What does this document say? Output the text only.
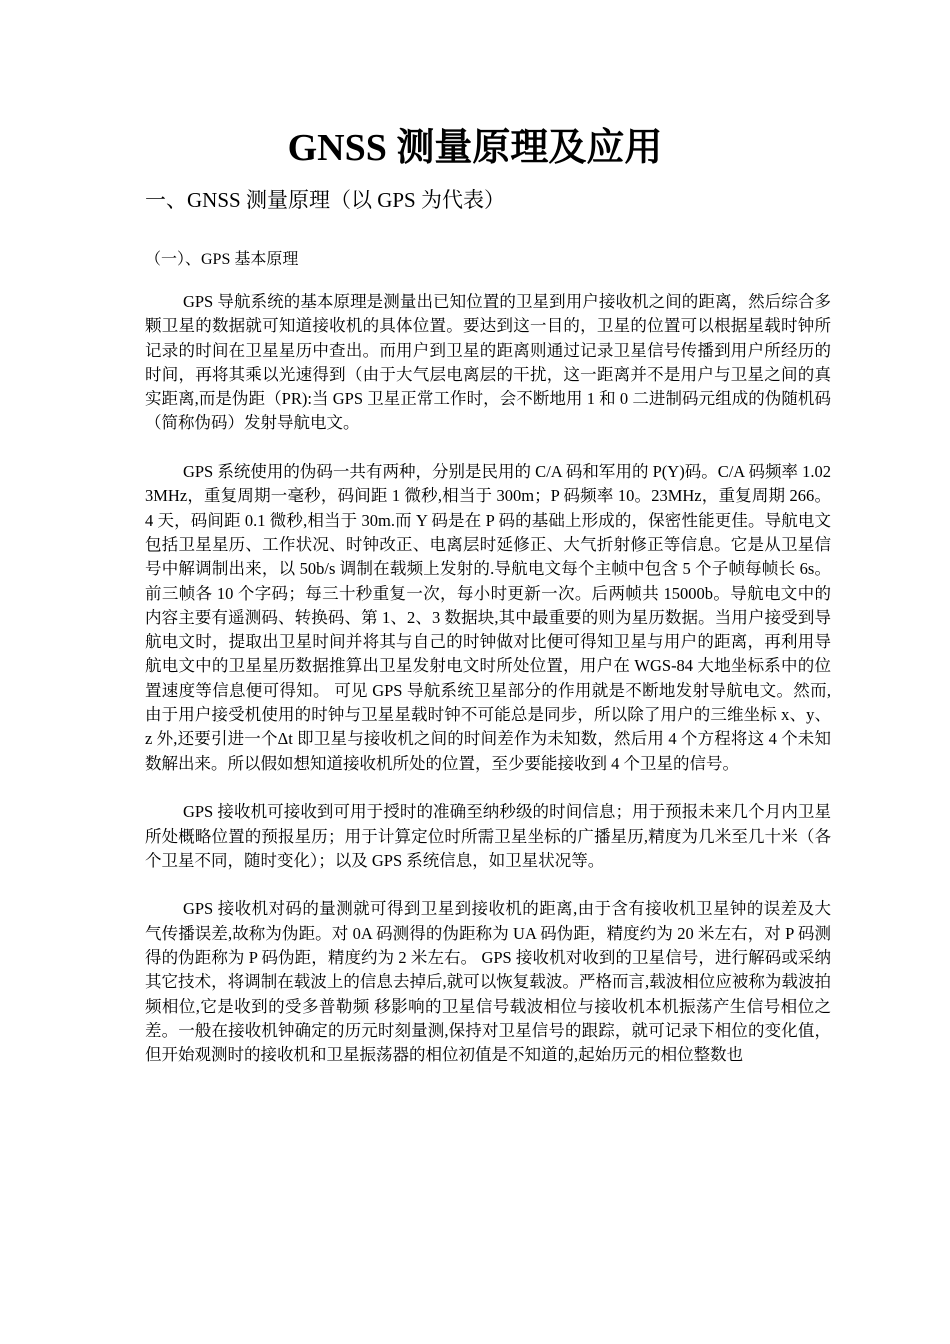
GNSS 测量原理及应用
一、GNSS 测量原理（以 GPS 为代表）
（一）、GPS 基本原理

GPS 导航系统的基本原理是测量出已知位置的卫星到用户接收机之间的距离，然后综合多颗卫星的数据就可知道接收机的具体位置。要达到这一目的，卫星的位置可以根据星载时钟所记录的时间在卫星星历中查出。而用户到卫星的距离则通过记录卫星信号传播到用户所经历的时间，再将其乘以光速得到（由于大气层电离层的干扰，这一距离并不是用户与卫星之间的真实距离,而是伪距（PR):当 GPS 卫星正常工作时，会不断地用 1 和 0 二进制码元组成的伪随机码（简称伪码）发射导航电文。

GPS 系统使用的伪码一共有两种，分别是民用的 C/A 码和军用的 P(Y)码。C/A 码频率 1.023MHz，重复周期一毫秒，码间距 1 微秒,相当于 300m；P 码频率 10。23MHz，重复周期 266。4 天，码间距 0.1 微秒,相当于 30m.而 Y 码是在 P 码的基础上形成的，保密性能更佳。导航电文包括卫星星历、工作状况、时钟改正、电离层时延修正、大气折射修正等信息。它是从卫星信号中解调制出来，以 50b/s 调制在载频上发射的.导航电文每个主帧中包含 5 个子帧每帧长 6s。前三帧各 10 个字码；每三十秒重复一次，每小时更新一次。后两帧共 15000b。导航电文中的内容主要有遥测码、转换码、第 1、2、3 数据块,其中最重要的则为星历数据。当用户接受到导航电文时，提取出卫星时间并将其与自己的时钟做对比便可得知卫星与用户的距离，再利用导航电文中的卫星星历数据推算出卫星发射电文时所处位置，用户在 WGS-84 大地坐标系中的位置速度等信息便可得知。 可见 GPS 导航系统卫星部分的作用就是不断地发射导航电文。然而,由于用户接受机使用的时钟与卫星星载时钟不可能总是同步，所以除了用户的三维坐标 x、y、z 外,还要引进一个Δt 即卫星与接收机之间的时间差作为未知数，然后用 4 个方程将这 4 个未知数解出来。所以假如想知道接收机所处的位置，至少要能接收到 4 个卫星的信号。

GPS 接收机可接收到可用于授时的准确至纳秒级的时间信息；用于预报未来几个月内卫星所处概略位置的预报星历；用于计算定位时所需卫星坐标的广播星历,精度为几米至几十米（各个卫星不同，随时变化）；以及 GPS 系统信息，如卫星状况等。

GPS 接收机对码的量测就可得到卫星到接收机的距离,由于含有接收机卫星钟的误差及大气传播误差,故称为伪距。对 0A 码测得的伪距称为 UA 码伪距，精度约为 20 米左右，对 P 码测得的伪距称为 P 码伪距，精度约为 2 米左右。 GPS 接收机对收到的卫星信号，进行解码或采纳其它技术，将调制在载波上的信息去掉后,就可以恢复载波。严格而言,载波相位应被称为载波拍频相位,它是收到的受多普勒频 移影响的卫星信号载波相位与接收机本机振荡产生信号相位之差。一般在接收机钟确定的历元时刻量测,保持对卫星信号的跟踪，就可记录下相位的变化值，但开始观测时的接收机和卫星振荡器的相位初值是不知道的,起始历元的相位整数也
